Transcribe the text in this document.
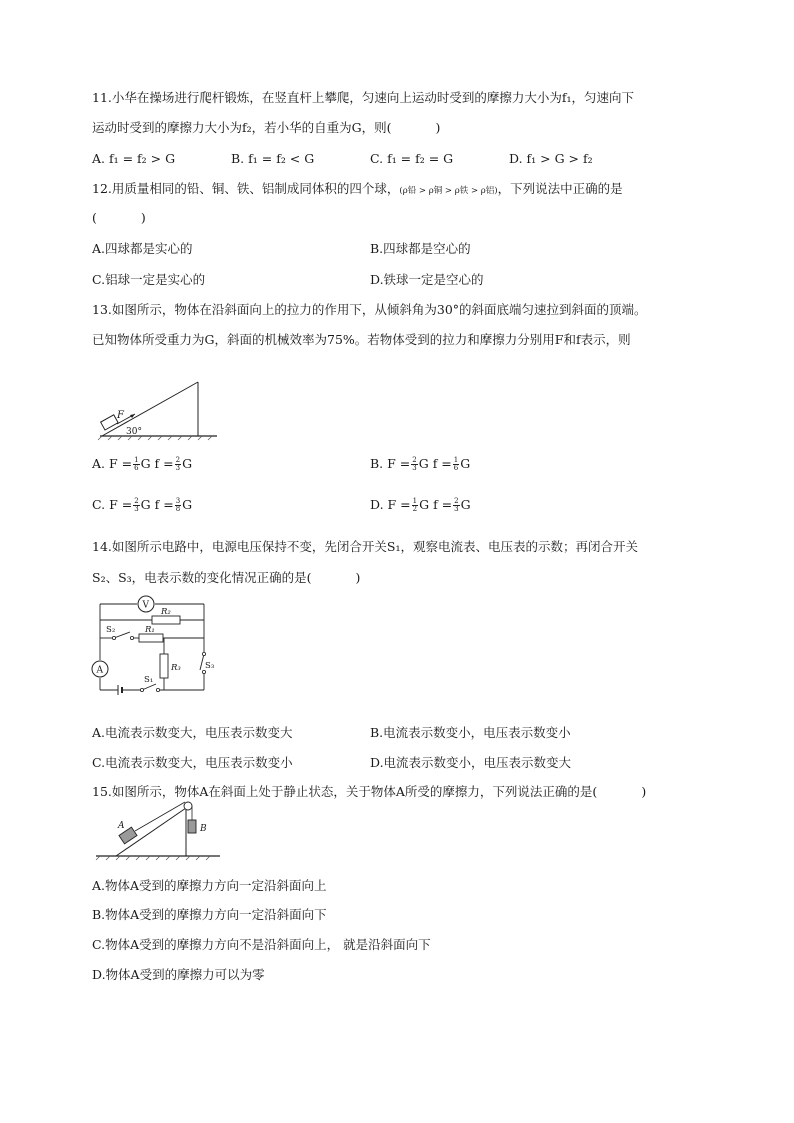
11.小华在操场进行爬杆锻炼，在竖直杆上攀爬，匀速向上运动时受到的摩擦力大小为f₁，匀速向下
运动时受到的摩擦力大小为f₂，若小华的自重为G，则(	)
A. f₁ = f₂ > G	B. f₁ = f₂ < G	C. f₁ = f₂ = G	D. f₁ > G > f₂
12.用质量相同的铅、铜、铁、铝制成同体积的四个球，(ρ铅 > ρ铜 > ρ铁 > ρ铝)，下列说法中正确的是
(	)
A.四球都是实心的	B.四球都是空心的
C.铝球一定是实心的	D.铁球一定是空心的
13.如图所示，物体在沿斜面向上的拉力的作用下，从倾斜角为30°的斜面底端匀速拉到斜面的顶端。
已知物体所受重力为G，斜面的机械效率为75%。若物体受到的拉力和摩擦力分别用F和f表示，则
F
30°
A. $F = \frac{1}{6}$ G $f = \frac{2}{3}$ G	B. $F = \frac{2}{3}$ G $f = \frac{1}{6}$ G
C. $F = \frac{2}{3}$ G $f = \frac{3}{8}$ G	D. $F = \frac{1}{2}$ G $f = \frac{2}{3}$ G
14.如图所示电路中，电源电压保持不变，先闭合开关S₁，观察电流表、电压表的示数；再闭合开关
S₂、S₃，电表示数的变化情况正确的是(	)
V
A
R₂
R₁
R₃
S₂
S₃
S₁
A.电流表示数变大，电压表示数变大	B.电流表示数变小，电压表示数变小
C.电流表示数变大，电压表示数变小	D.电流表示数变小，电压表示数变大
15.如图所示，物体A在斜面上处于静止状态，关于物体A所受的摩擦力，下列说法正确的是(	)
A	B
A.物体A受到的摩擦力方向一定沿斜面向上
B.物体A受到的摩擦力方向一定沿斜面向下
C.物体A受到的摩擦力方向不是沿斜面向上， 就是沿斜面向下
D.物体A受到的摩擦力可以为零
